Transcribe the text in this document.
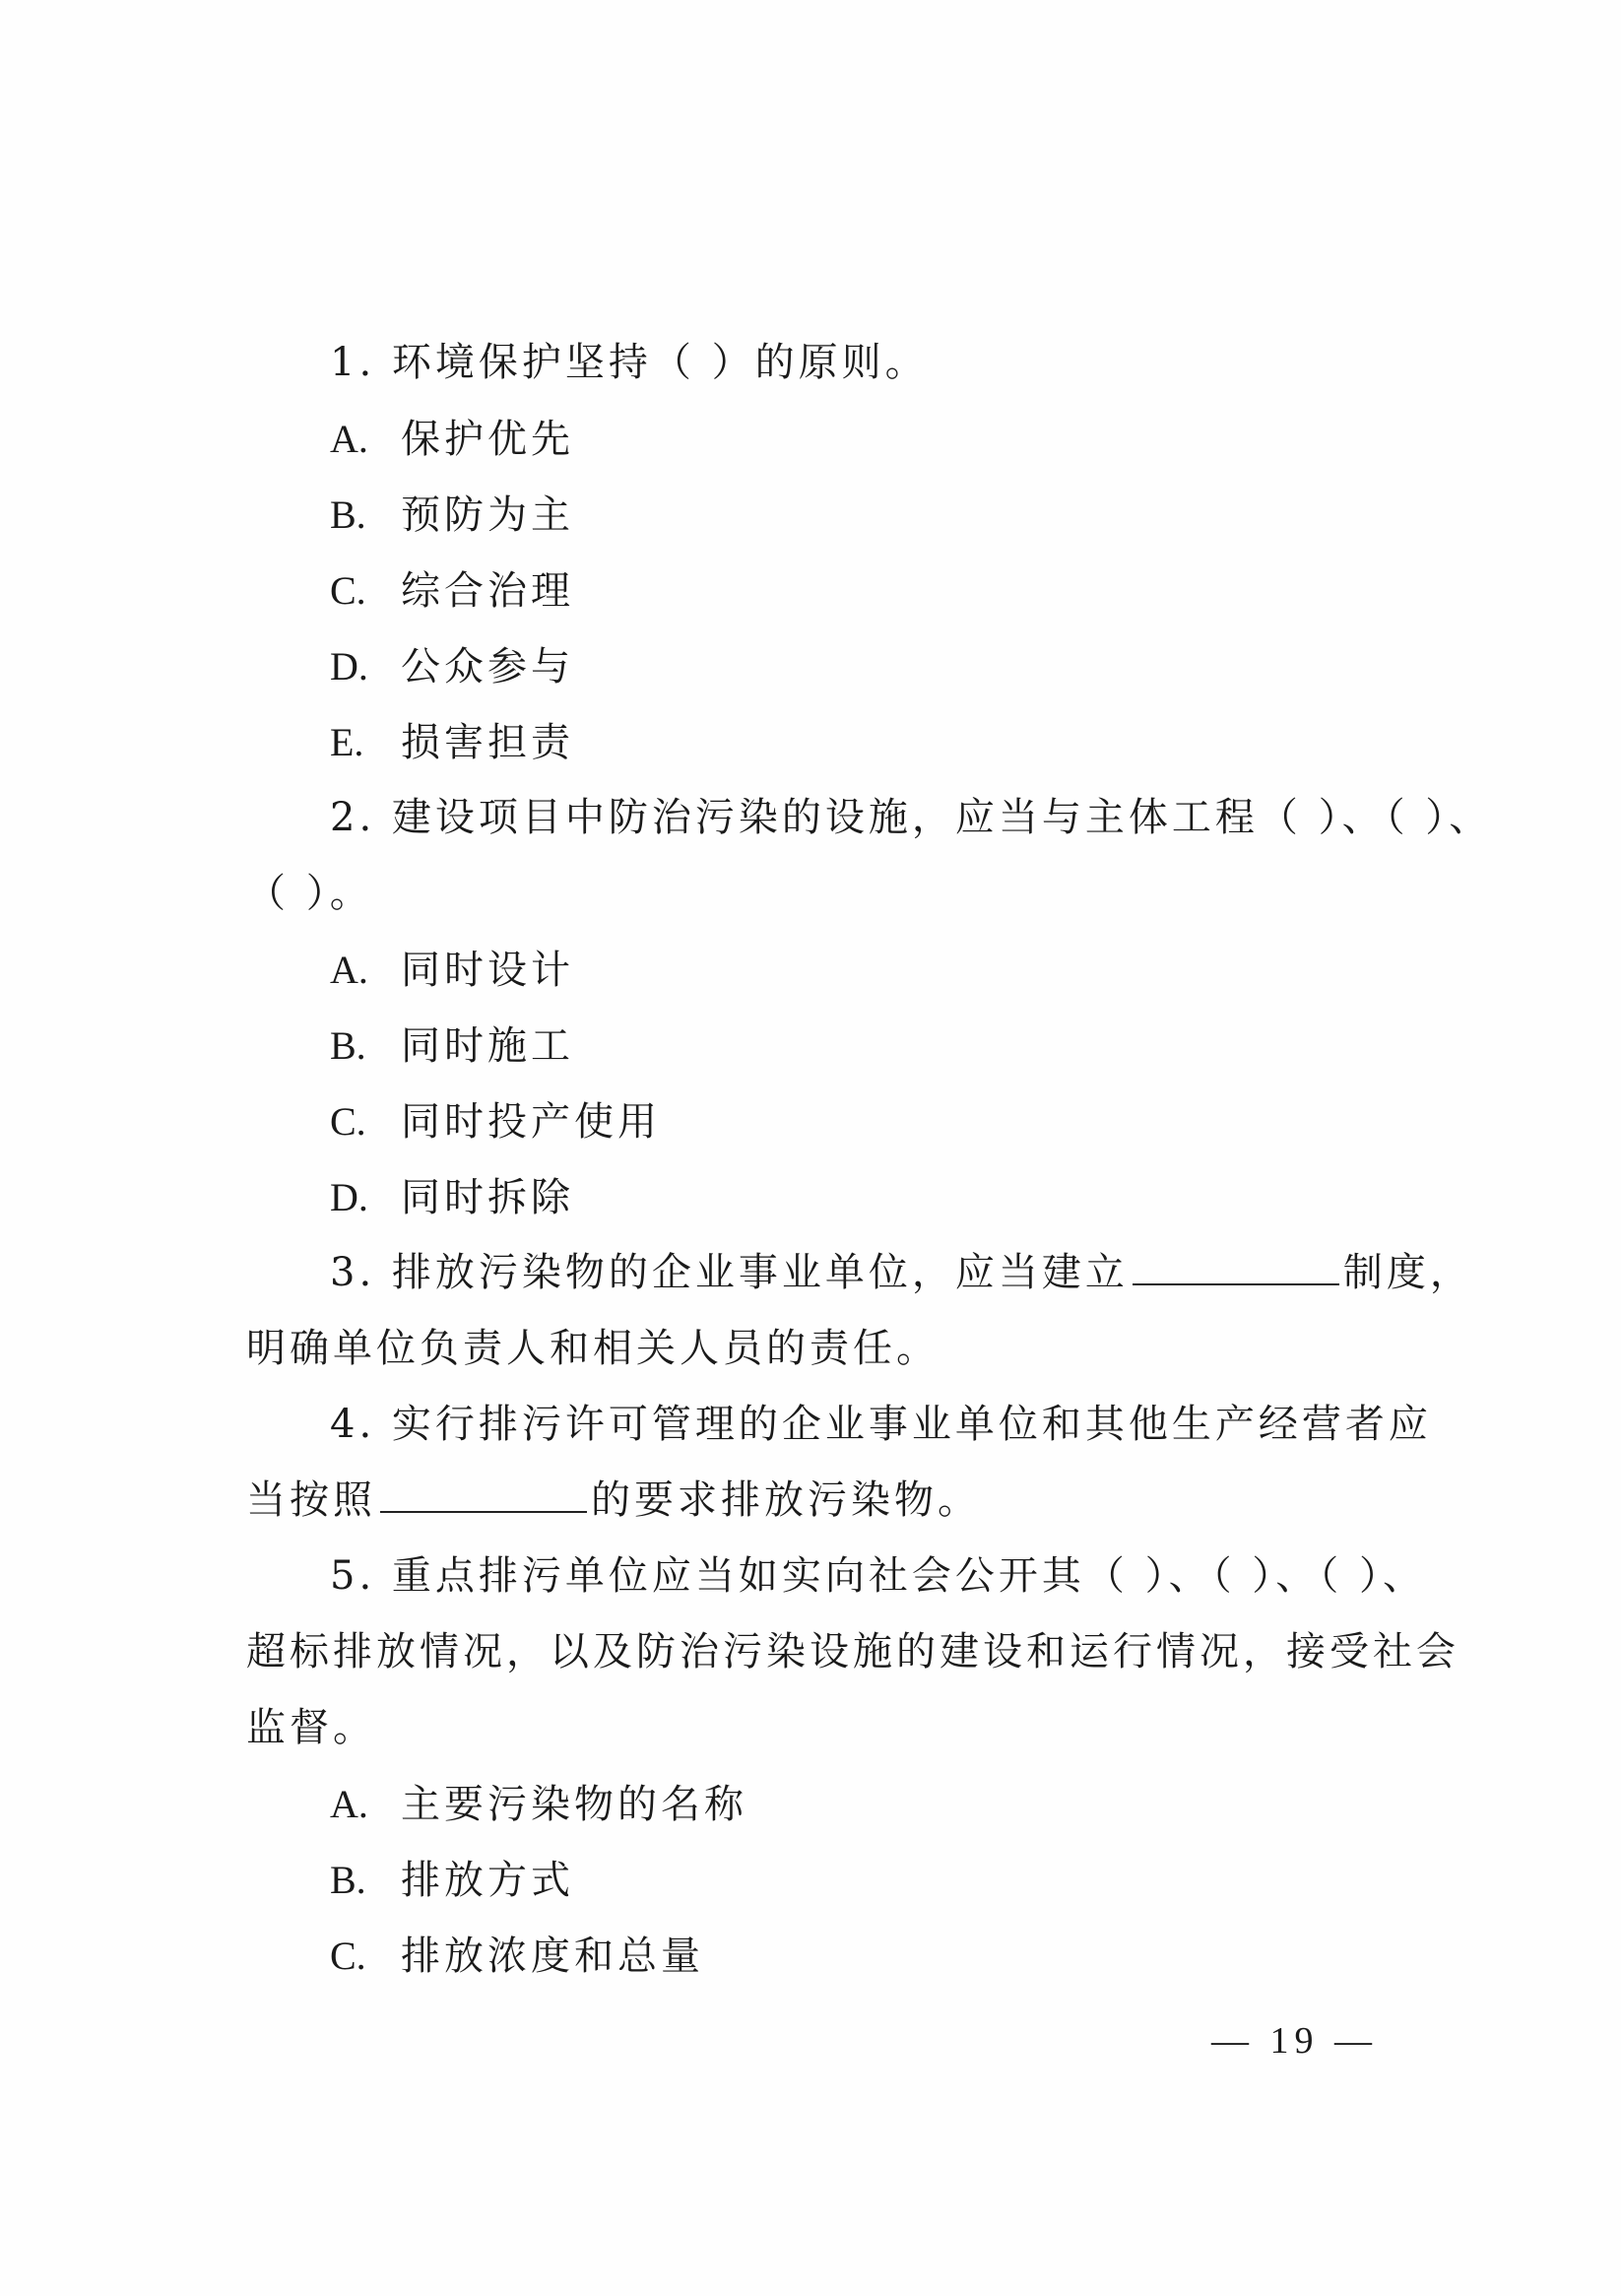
1. 环境保护坚持（ ）的原则。
A. 保护优先
B. 预防为主
C. 综合治理
D. 公众参与
E. 损害担责
2. 建设项目中防治污染的设施，应当与主体工程（ ）、（ ）、
（ ）。
A. 同时设计
B. 同时施工
C. 同时投产使用
D. 同时拆除
3. 排放污染物的企业事业单位，应当建立	制度，
明确单位负责人和相关人员的责任。
4. 实行排污许可管理的企业事业单位和其他生产经营者应
当按照	的要求排放污染物。
5. 重点排污单位应当如实向社会公开其（ ）、（ ）、（ ）、
超标排放情况，以及防治污染设施的建设和运行情况，接受社会
监督。
A. 主要污染物的名称
B. 排放方式
C. 排放浓度和总量
— 19 —
